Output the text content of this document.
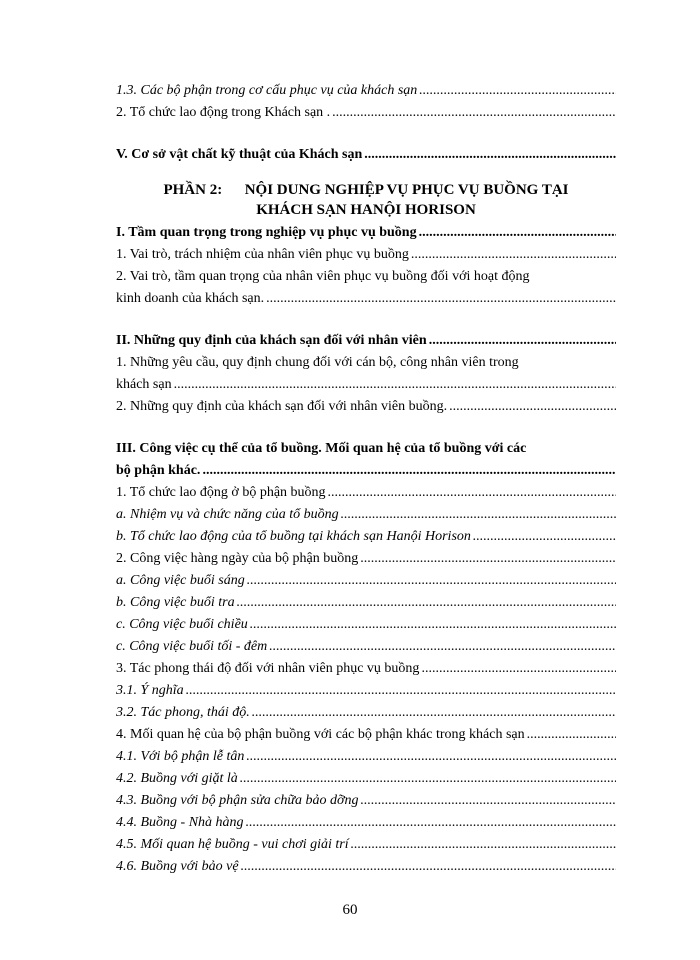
1.3. Các bộ phận trong cơ cấu phục vụ của khách sạn
.....
2. Tổ chức lao động trong Khách sạn .
.....
V. Cơ sở vật chất kỹ thuật của Khách sạn
.....
PHẦN 2: NỘI DUNG NGHIỆP VỤ PHỤC VỤ BUỒNG TẠI
KHÁCH SẠN HANỘI HORISON
I. Tầm quan trọng trong nghiệp vụ phục vụ buồng
.....
1. Vai trò, trách nhiệm của nhân viên phục vụ buồng
.....
2. Vai trò, tầm quan trọng của nhân viên phục vụ buồng đối với hoạt động
kinh doanh của khách sạn.
.....
II. Những quy định của khách sạn đối với nhân viên
.....
1. Những yêu cầu, quy định chung đối với cán bộ, công nhân viên trong
khách sạn
.....
2. Những quy định của khách sạn đối với nhân viên buồng.
.....
III. Công việc cụ thể của tổ buồng. Mối quan hệ của tổ buồng với các
bộ phận khác.
.....
1. Tổ chức lao động ở bộ phận buồng
.....
a. Nhiệm vụ và chức năng của tổ buồng
.....
b. Tổ chức lao động của tổ buồng tại khách sạn Hanội Horison
.....
2. Công việc hàng ngày của bộ phận buồng
.....
a. Công việc buổi sáng
.....
b. Công việc buổi tra
.....
c. Công việc buổi chiều
.....
c. Công việc buổi tối - đêm
.....
3. Tác phong thái độ đối với nhân viên phục vụ buồng
.....
3.1. Ý nghĩa
.....
3.2. Tác phong, thái độ.
.....
4. Mối quan hệ của bộ phận buồng với các bộ phận khác trong khách sạn
.....
4.1. Với bộ phận lễ tân
.....
4.2. Buồng với giặt là
.....
4.3. Buồng với bộ phận sửa chữa bảo dỡng
.....
4.4. Buồng - Nhà hàng
.....
4.5. Mối quan hệ buồng - vui chơi giải trí
.....
4.6. Buồng với bảo vệ
.....
60
